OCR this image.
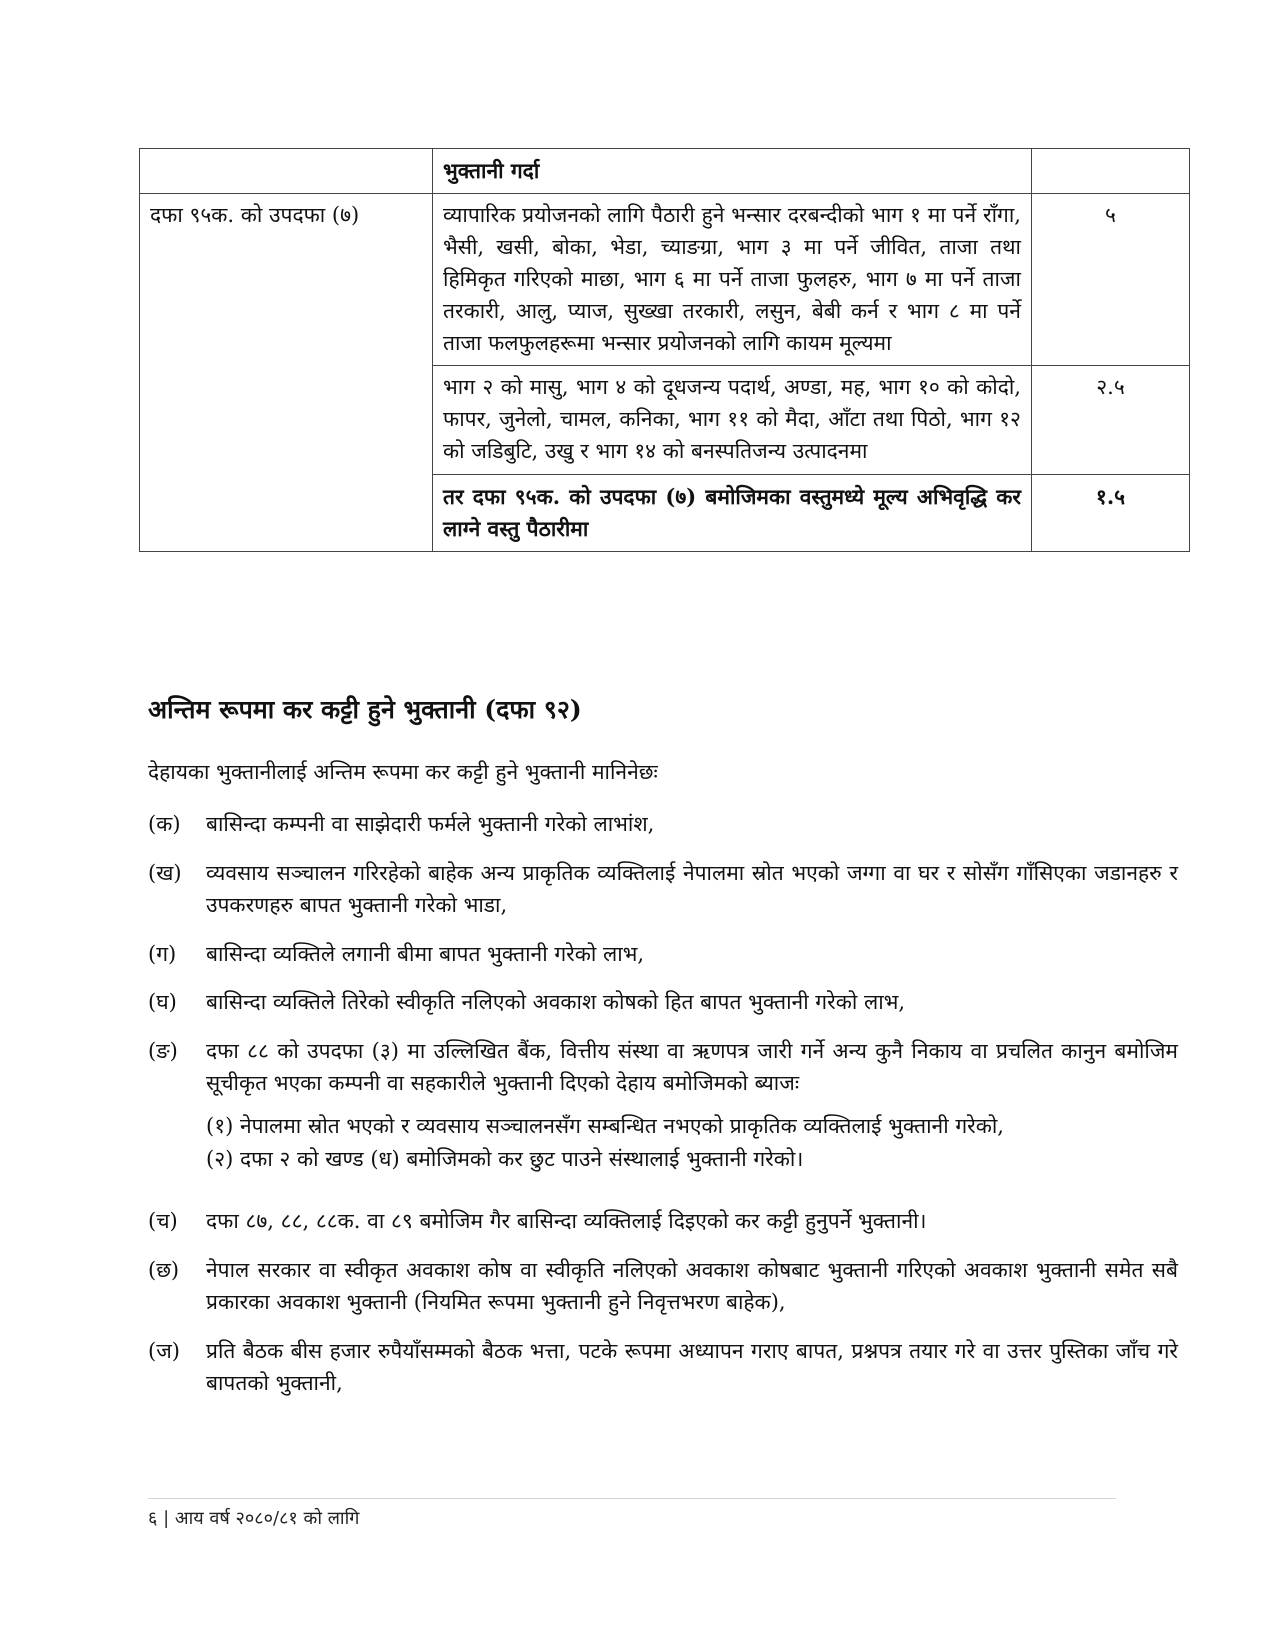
	भुक्तानी गर्दा	
दफा ९५क. को उपदफा (७)	व्यापारिक प्रयोजनको लागि पैठारी हुने भन्सार दरबन्दीको भाग १ मा पर्ने राँगा, भैसी, खसी, बोका, भेडा, च्याङग्रा, भाग ३ मा पर्ने जीवित, ताजा तथा हिमिकृत गरिएको माछा, भाग ६ मा पर्ने ताजा फुलहरु, भाग ७ मा पर्ने ताजा तरकारी, आलु, प्याज, सुख्खा तरकारी, लसुन, बेबी कर्न र भाग ८ मा पर्ने ताजा फलफुलहरूमा भन्सार प्रयोजनको लागि कायम मूल्यमा	५
	भाग २ को मासु, भाग ४ को दूधजन्य पदार्थ, अण्डा, मह, भाग १० को कोदो, फापर, जुनेलो, चामल, कनिका, भाग ११ को मैदा, आँटा तथा पिठो, भाग १२ को जडिबुटि, उखु र भाग १४ को बनस्पतिजन्य उत्पादनमा	२.५
	तर दफा ९५क. को उपदफा (७) बमोजिमका वस्तुमध्ये मूल्य अभिवृद्धि कर लाग्ने वस्तु पैठारीमा	१.५
अन्तिम रूपमा कर कट्टी हुने भुक्तानी (दफा ९२)

देहायका भुक्तानीलाई अन्तिम रूपमा कर कट्टी हुने भुक्तानी मानिनेछः

(क)	बासिन्दा कम्पनी वा साझेदारी फर्मले भुक्तानी गरेको लाभांश,
(ख)	व्यवसाय सञ्चालन गरिरहेको बाहेक अन्य प्राकृतिक व्यक्तिलाई नेपालमा स्रोत भएको जग्गा वा घर र सोसँग गाँसिएका जडानहरु र उपकरणहरु बापत भुक्तानी गरेको भाडा,
(ग)	बासिन्दा व्यक्तिले लगानी बीमा बापत भुक्तानी गरेको लाभ,
(घ)	बासिन्दा व्यक्तिले तिरेको स्वीकृति नलिएको अवकाश कोषको हित बापत भुक्तानी गरेको लाभ,
(ङ)	दफा ८८ को उपदफा (३) मा उल्लिखित बैंक, वित्तीय संस्था वा ऋणपत्र जारी गर्ने अन्य कुनै निकाय वा प्रचलित कानुन बमोजिम सूचीकृत भएका कम्पनी वा सहकारीले भुक्तानी दिएको देहाय बमोजिमको ब्याजः
(१) नेपालमा स्रोत भएको र व्यवसाय सञ्चालनसँग सम्बन्धित नभएको प्राकृतिक व्यक्तिलाई भुक्तानी गरेको,
(२) दफा २ को खण्ड (ध) बमोजिमको कर छुट पाउने संस्थालाई भुक्तानी गरेको।
(च)	दफा ८७, ८८, ८८क. वा ८९ बमोजिम गैर बासिन्दा व्यक्तिलाई दिइएको कर कट्टी हुनुपर्ने भुक्तानी।
(छ)	नेपाल सरकार वा स्वीकृत अवकाश कोष वा स्वीकृति नलिएको अवकाश कोषबाट भुक्तानी गरिएको अवकाश भुक्तानी समेत सबै प्रकारका अवकाश भुक्तानी (नियमित रूपमा भुक्तानी हुने निवृत्तभरण बाहेक),
(ज)	प्रति बैठक बीस हजार रुपैयाँसम्मको बैठक भत्ता, पटके रूपमा अध्यापन गराए बापत, प्रश्नपत्र तयार गरे वा उत्तर पुस्तिका जाँच गरे बापतको भुक्तानी,
६ | आय वर्ष २०८०/८१ को लागि
